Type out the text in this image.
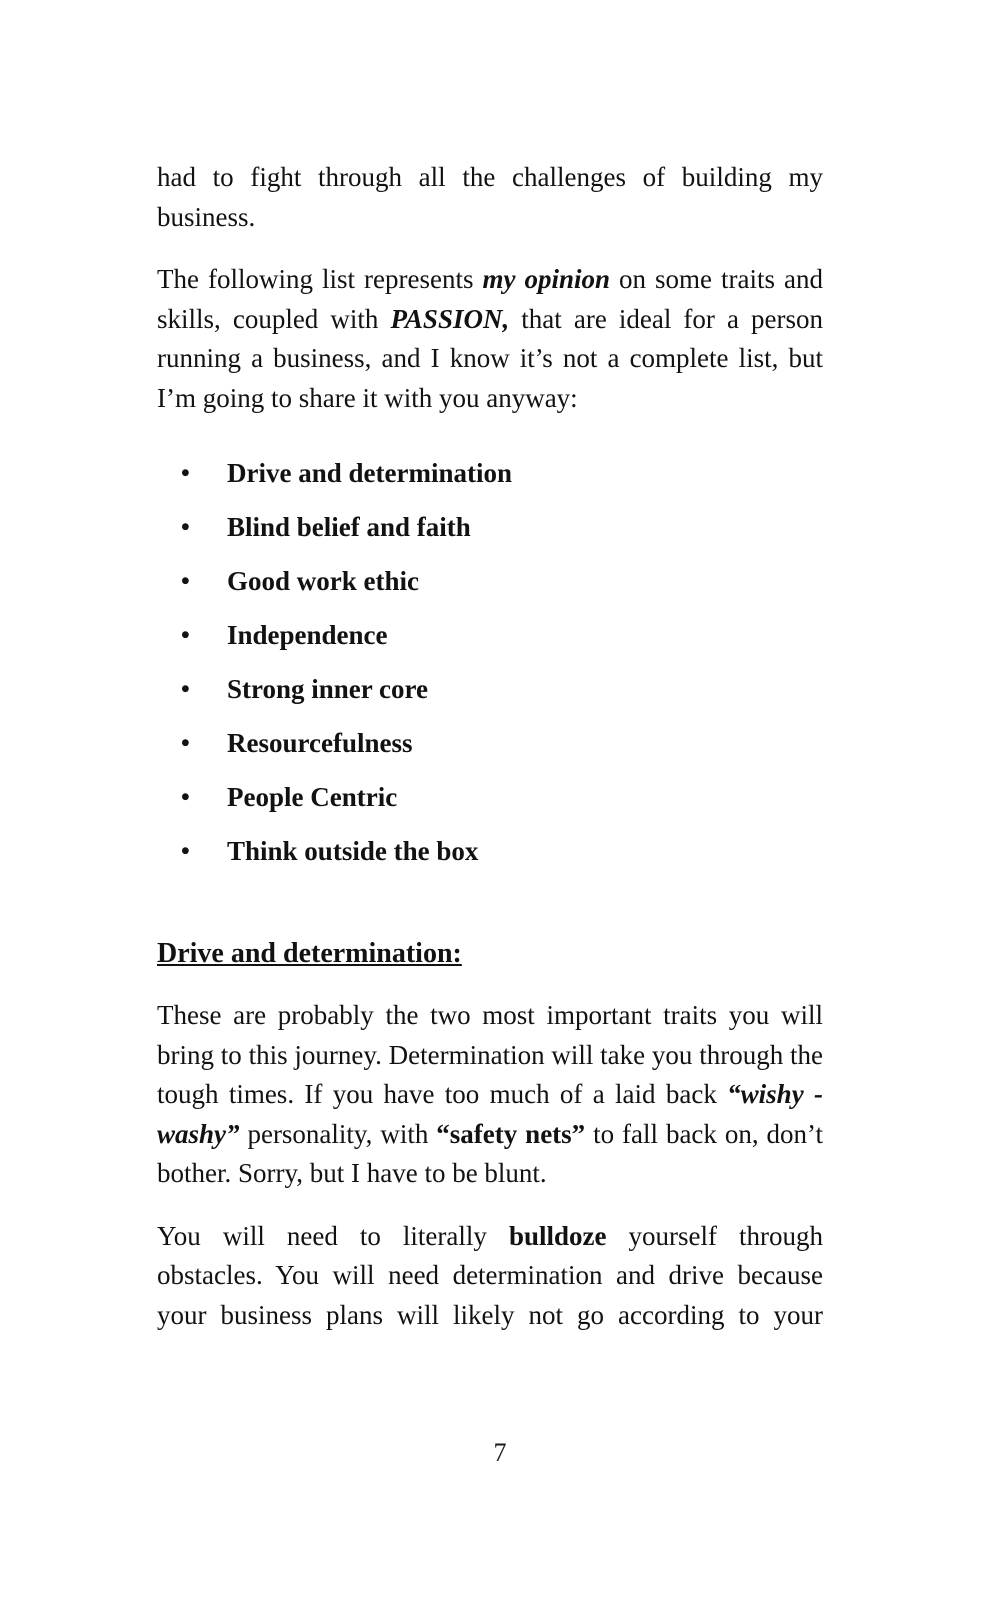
had to fight through all the challenges of building my business.

The following list represents my opinion on some traits and skills, coupled with PASSION, that are ideal for a person running a business, and I know it’s not a complete list, but I’m going to share it with you anyway:

• Drive and determination
• Blind belief and faith
• Good work ethic
• Independence
• Strong inner core
• Resourcefulness
• People Centric
• Think outside the box
Drive and determination:

These are probably the two most important traits you will bring to this journey. Determination will take you through the tough times. If you have too much of a laid back “wishy - washy” personality, with “safety nets” to fall back on, don’t bother. Sorry, but I have to be blunt.

You will need to literally bulldoze yourself through obstacles. You will need determination and drive because your business plans will likely not go according to your

7
